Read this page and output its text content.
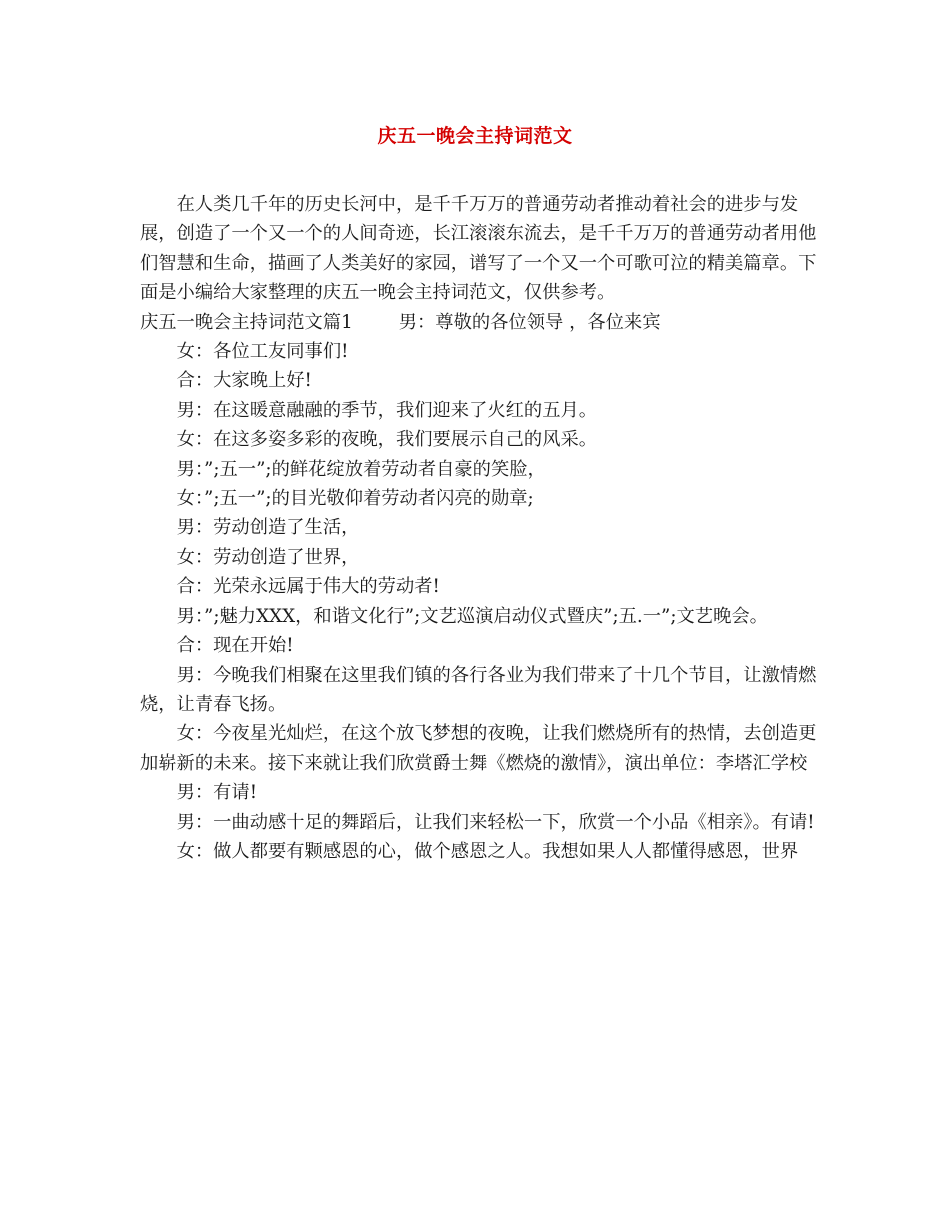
庆五一晚会主持词范文

在人类几千年的历史长河中，是千千万万的普通劳动者推动着社会的进步与发展，创造了一个又一个的人间奇迹，长江滚滚东流去，是千千万万的普通劳动者用他们智慧和生命，描画了人类美好的家园，谱写了一个又一个可歌可泣的精美篇章。下面是小编给大家整理的庆五一晚会主持词范文，仅供参考。

庆五一晚会主持词范文篇1	男：尊敬的各位领导 ，各位来宾

女：各位工友同事们!

合：大家晚上好!

男：在这暖意融融的季节，我们迎来了火红的五月。

女：在这多姿多彩的夜晚，我们要展示自己的风采。

男：”;五一”;的鲜花绽放着劳动者自豪的笑脸，

女：”;五一”;的目光敬仰着劳动者闪亮的勋章;

男：劳动创造了生活，

女：劳动创造了世界，

合：光荣永远属于伟大的劳动者!

男：”;魅力XXX，和谐文化行”;文艺巡演启动仪式暨庆”;五.一”;文艺晚会。

合：现在开始!

男：今晚我们相聚在这里我们镇的各行各业为我们带来了十几个节目，让激情燃烧，让青春飞扬。

女：今夜星光灿烂，在这个放飞梦想的夜晚，让我们燃烧所有的热情，去创造更加崭新的未来。接下来就让我们欣赏爵士舞《燃烧的激情》，演出单位：李塔汇学校

男：有请!

男：一曲动感十足的舞蹈后，让我们来轻松一下，欣赏一个小品《相亲》。有请!

女：做人都要有颗感恩的心，做个感恩之人。我想如果人人都懂得感恩，世界
